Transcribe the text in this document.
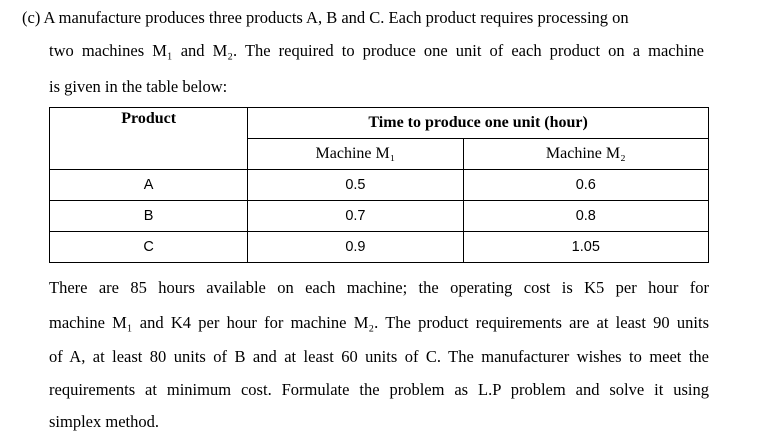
(c) A manufacture produces three products A, B and C. Each product requires processing on
two machines M₁ and M₂. The required to produce one unit of each product on a machine
is given in the table below:
Product	Time to produce one unit (hour)	
	Machine M₁	Machine M₂
A	0.5	0.6
B	0.7	0.8
C	0.9	1.05
There are 85 hours available on each machine; the operating cost is K5 per hour for
machine M₁ and K4 per hour for machine M₂. The product requirements are at least 90 units
of A, at least 80 units of B and at least 60 units of C. The manufacturer wishes to meet the
requirements at minimum cost. Formulate the problem as L.P problem and solve it using
simplex method.
